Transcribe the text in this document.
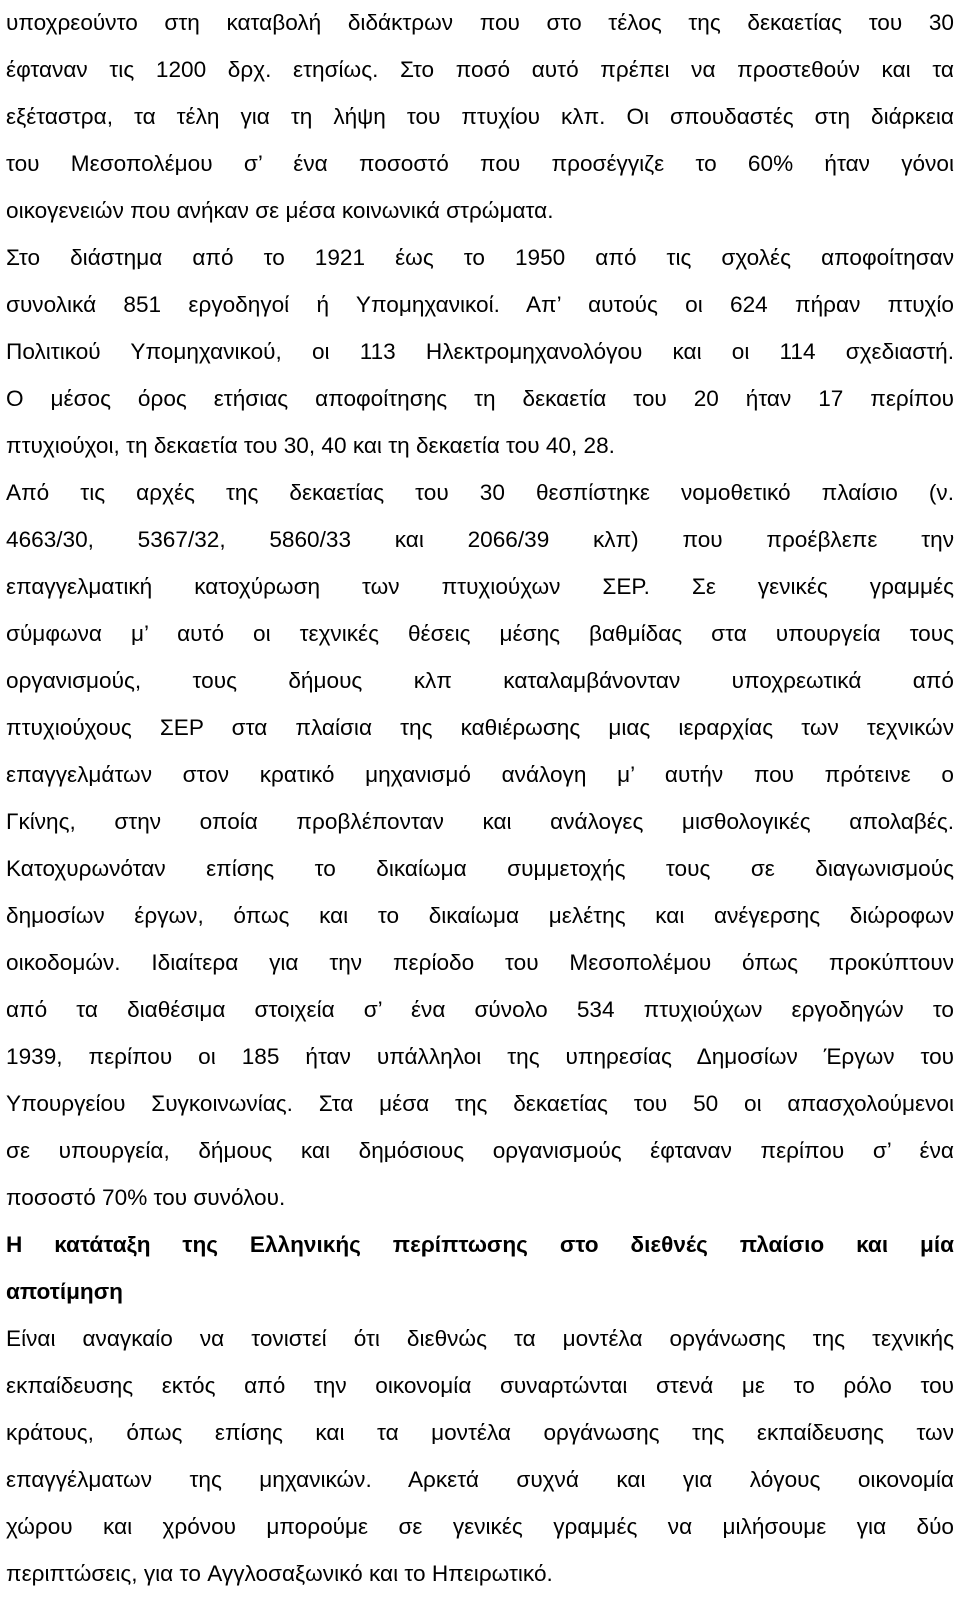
υποχρεούντο στη καταβολή διδάκτρων που στο τέλος της δεκαετίας του 30
έφταναν τις 1200 δρχ. ετησίως. Στο ποσό αυτό πρέπει να προστεθούν και τα
εξέταστρα, τα τέλη για τη λήψη του πτυχίου κλπ. Οι σπουδαστές στη διάρκεια
του Μεσοπολέμου σ’ ένα ποσοστό που προσέγγιζε το 60% ήταν γόνοι
οικογενειών που ανήκαν σε μέσα κοινωνικά στρώματα.
Στο διάστημα από το 1921 έως το 1950 από τις σχολές αποφοίτησαν
συνολικά 851 εργοδηγοί ή Υπομηχανικοί. Απ’ αυτούς οι 624 πήραν πτυχίο
Πολιτικού Υπομηχανικού, οι 113 Ηλεκτρομηχανολόγου και οι 114 σχεδιαστή.
Ο μέσος όρος ετήσιας αποφοίτησης τη δεκαετία του 20 ήταν 17 περίπου
πτυχιούχοι, τη δεκαετία του 30, 40 και τη δεκαετία του 40, 28.
Από τις αρχές της δεκαετίας του 30 θεσπίστηκε νομοθετικό πλαίσιο (ν.
4663/30, 5367/32, 5860/33 και 2066/39 κλπ) που προέβλεπε την
επαγγελματική κατοχύρωση των πτυχιούχων ΣΕΡ. Σε γενικές γραμμές
σύμφωνα μ’ αυτό οι τεχνικές θέσεις μέσης βαθμίδας στα υπουργεία τους
οργανισμούς, τους δήμους κλπ καταλαμβάνονταν υποχρεωτικά από
πτυχιούχους ΣΕΡ στα πλαίσια της καθιέρωσης μιας ιεραρχίας των τεχνικών
επαγγελμάτων στον κρατικό μηχανισμό ανάλογη μ’ αυτήν που πρότεινε ο
Γκίνης, στην οποία προβλέπονταν και ανάλογες μισθολογικές απολαβές.
Κατοχυρωνόταν επίσης το δικαίωμα συμμετοχής τους σε διαγωνισμούς
δημοσίων έργων, όπως και το δικαίωμα μελέτης και ανέγερσης διώροφων
οικοδομών. Ιδιαίτερα για την περίοδο του Μεσοπολέμου όπως προκύπτουν
από τα διαθέσιμα στοιχεία σ’ ένα σύνολο 534 πτυχιούχων εργοδηγών το
1939, περίπου οι 185 ήταν υπάλληλοι της υπηρεσίας Δημοσίων Έργων του
Υπουργείου Συγκοινωνίας. Στα μέσα της δεκαετίας του 50 οι απασχολούμενοι
σε υπουργεία, δήμους και δημόσιους οργανισμούς έφταναν περίπου σ’ ένα
ποσοστό 70% του συνόλου.
Η κατάταξη της Ελληνικής περίπτωσης στο διεθνές πλαίσιο και μία
αποτίμηση
Είναι αναγκαίο να τονιστεί ότι διεθνώς τα μοντέλα οργάνωσης της τεχνικής
εκπαίδευσης εκτός από την οικονομία συναρτώνται στενά με το ρόλο του
κράτους, όπως επίσης και τα μοντέλα οργάνωσης της εκπαίδευσης των
επαγγέλματων της μηχανικών. Αρκετά συχνά και για λόγους οικονομία
χώρου και χρόνου μπορούμε σε γενικές γραμμές να μιλήσουμε για δύο
περιπτώσεις, για τo Αγγλοσαξωνικό και το Ηπειρωτικό.
